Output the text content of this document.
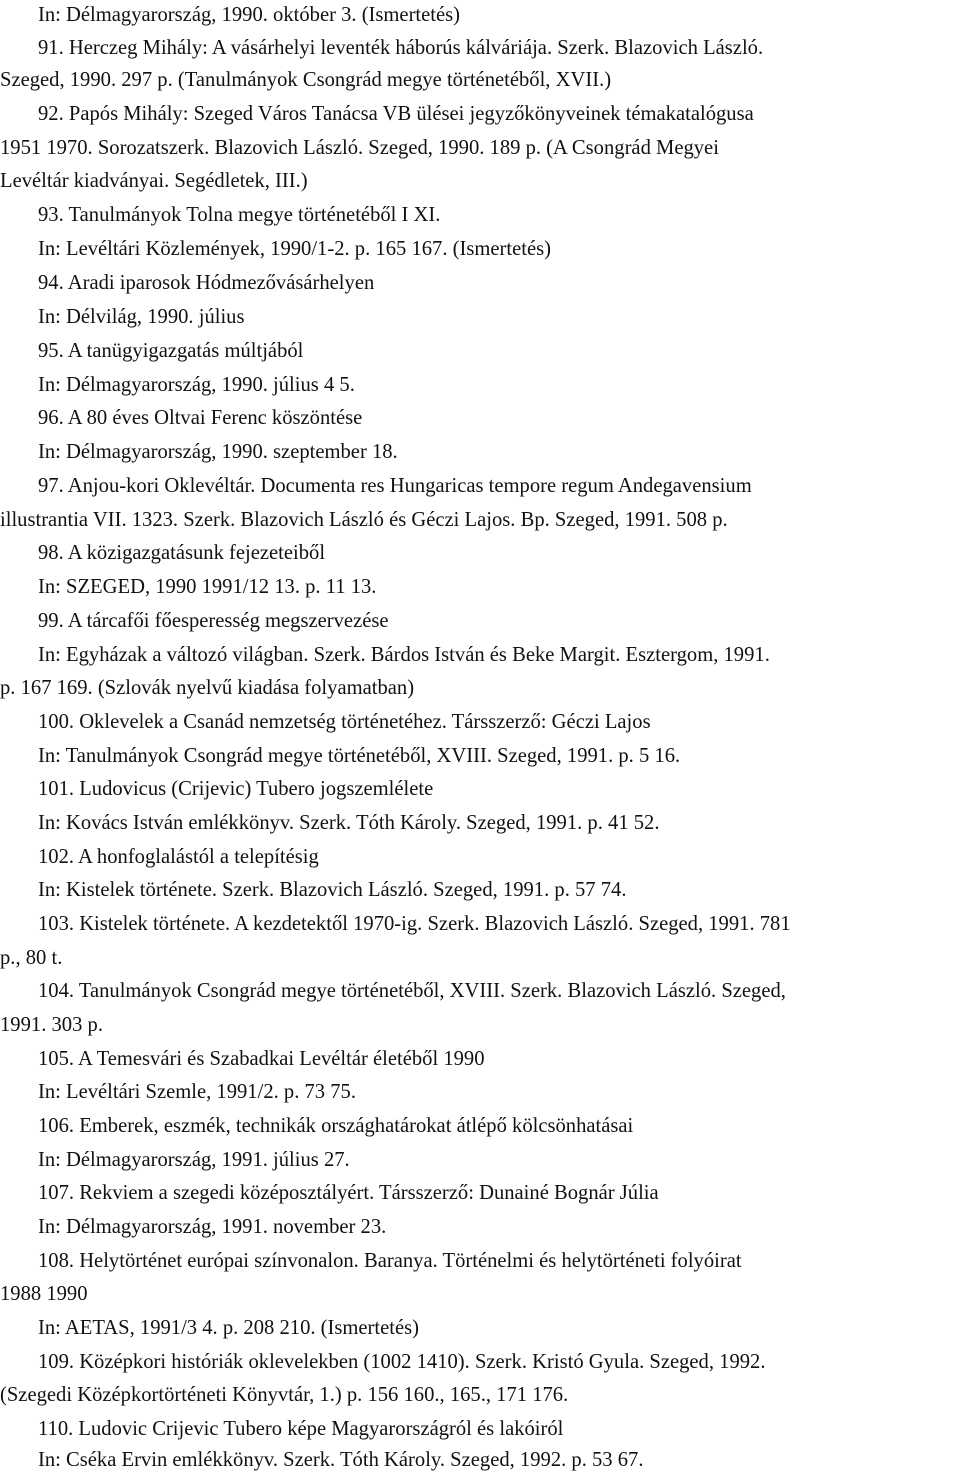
In: Délmagyarország, 1990. október 3. (Ismertetés)
91. Herczeg Mihály: A vásárhelyi leventék háborús kálváriája. Szerk. Blazovich László.
Szeged, 1990. 297 p. (Tanulmányok Csongrád megye történetéből, XVII.)
92. Papós Mihály: Szeged Város Tanácsa VB ülései jegyzőkönyveinek témakatalógusa
1951 1970. Sorozatszerk. Blazovich László. Szeged, 1990. 189 p. (A Csongrád Megyei
Levéltár kiadványai. Segédletek, III.)
93. Tanulmányok Tolna megye történetéből I XI.
In: Levéltári Közlemények, 1990/1-2. p. 165 167. (Ismertetés)
94. Aradi iparosok Hódmezővásárhelyen
In: Délvilág, 1990. július
95. A tanügyigazgatás múltjából
In: Délmagyarország, 1990. július 4 5.
96. A 80 éves Oltvai Ferenc köszöntése
In: Délmagyarország, 1990. szeptember 18.
97. Anjou-kori Oklevéltár. Documenta res Hungaricas tempore regum Andegavensium
illustrantia VII. 1323. Szerk. Blazovich László és Géczi Lajos. Bp. Szeged, 1991. 508 p.
98. A közigazgatásunk fejezeteiből
In: SZEGED, 1990 1991/12 13. p. 11 13.
99. A tárcafői főesperesség megszervezése
In: Egyházak a változó világban. Szerk. Bárdos István és Beke Margit. Esztergom, 1991.
p. 167 169. (Szlovák nyelvű kiadása folyamatban)
100. Oklevelek a Csanád nemzetség történetéhez. Társszerző: Géczi Lajos
In: Tanulmányok Csongrád megye történetéből, XVIII. Szeged, 1991. p. 5 16.
101. Ludovicus (Crijevic) Tubero jogszemlélete
In: Kovács István emlékkönyv. Szerk. Tóth Károly. Szeged, 1991. p. 41 52.
102. A honfoglalástól a telepítésig
In: Kistelek története. Szerk. Blazovich László. Szeged, 1991. p. 57 74.
103. Kistelek története. A kezdetektől 1970-ig. Szerk. Blazovich László. Szeged, 1991. 781
p., 80 t.
104. Tanulmányok Csongrád megye történetéből, XVIII. Szerk. Blazovich László. Szeged,
1991. 303 p.
105. A Temesvári és Szabadkai Levéltár életéből 1990
In: Levéltári Szemle, 1991/2. p. 73 75.
106. Emberek, eszmék, technikák országhatárokat átlépő kölcsönhatásai
In: Délmagyarország, 1991. július 27.
107. Rekviem a szegedi középosztályért. Társszerző: Dunainé Bognár Júlia
In: Délmagyarország, 1991. november 23.
108. Helytörténet európai színvonalon. Baranya. Történelmi és helytörténeti folyóirat
1988 1990
In: AETAS, 1991/3 4. p. 208 210. (Ismertetés)
109. Középkori históriák oklevelekben (1002 1410). Szerk. Kristó Gyula. Szeged, 1992.
(Szegedi Középkortörténeti Könyvtár, 1.) p. 156 160., 165., 171 176.
110. Ludovic Crijevic Tubero képe Magyarországról és lakóiról
In: Cséka Ervin emlékkönyv. Szerk. Tóth Károly. Szeged, 1992. p. 53 67.
